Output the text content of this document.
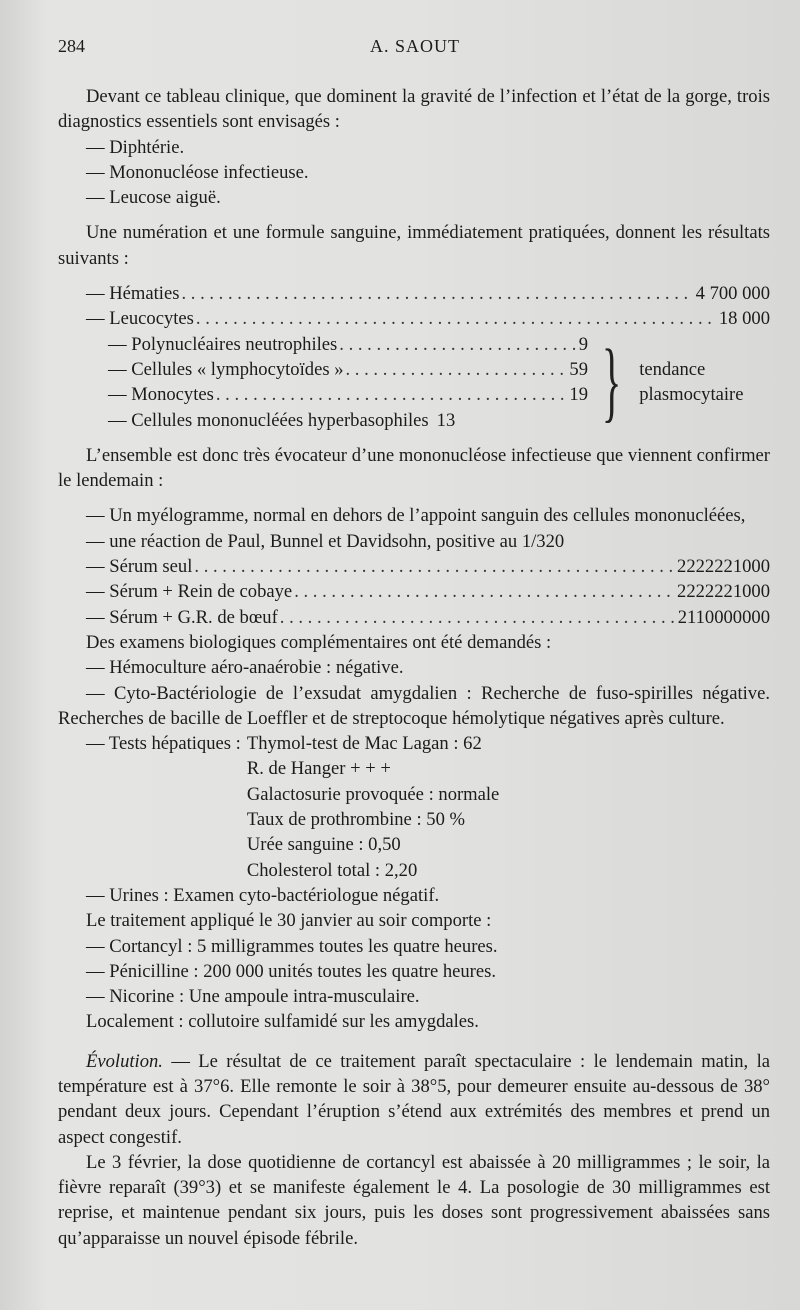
284	A. SAOUT

Devant ce tableau clinique, que dominent la gravité de l’infection et l’état de la gorge, trois diagnostics essentiels sont envisagés :

— Diphtérie.

— Mononucléose infectieuse.

— Leucose aiguë.

Une numération et une formule sanguine, immédiatement pratiquées, donnent les résultats suivants :

— Hématies . . .	4 700 000
— Leucocytes . . .	18 000
— Polynucléaires neutrophiles . . .	9
— Cellules « lymphocytoïdes » . . .	59
— Monocytes . . .	19
— Cellules mononucléées hyperbasophiles 13 } tendance plasmocytaire

L’ensemble est donc très évocateur d’une mononucléose infectieuse que viennent confirmer le lendemain :

— Un myélogramme, normal en dehors de l’appoint sanguin des cellules mononucléées,

— une réaction de Paul, Bunnel et Davidsohn, positive au 1/320

— Sérum seul . . .	2222221000
— Sérum + Rein de cobaye . . .	2222221000
— Sérum + G.R. de bœuf . . .	2110000000

Des examens biologiques complémentaires ont été demandés :

— Hémoculture aéro-anaérobie : négative.

— Cyto-Bactériologie de l’exsudat amygdalien : Recherche de fuso-spirilles négative. Recherches de bacille de Loeffler et de streptocoque hémolytique négatives après culture.

— Tests hépatiques : Thymol-test de Mac Lagan : 62

R. de Hanger + + +

Galactosurie provoquée : normale

Taux de prothrombine : 50 %

Urée sanguine : 0,50

Cholesterol total : 2,20

— Urines : Examen cyto-bactériologue négatif.

Le traitement appliqué le 30 janvier au soir comporte :

— Cortancyl : 5 milligrammes toutes les quatre heures.

— Pénicilline : 200 000 unités toutes les quatre heures.

— Nicorine : Une ampoule intra-musculaire.

Localement : collutoire sulfamidé sur les amygdales.

Évolution. — Le résultat de ce traitement paraît spectaculaire : le lendemain matin, la température est à 37°6. Elle remonte le soir à 38°5, pour demeurer ensuite au-dessous de 38° pendant deux jours. Cependant l’éruption s’étend aux extrémités des membres et prend un aspect congestif.

Le 3 février, la dose quotidienne de cortancyl est abaissée à 20 milligrammes ; le soir, la fièvre reparaît (39°3) et se manifeste également le 4. La posologie de 30 milligrammes est reprise, et maintenue pendant six jours, puis les doses sont progressivement abaissées sans qu’apparaisse un nouvel épisode fébrile.
